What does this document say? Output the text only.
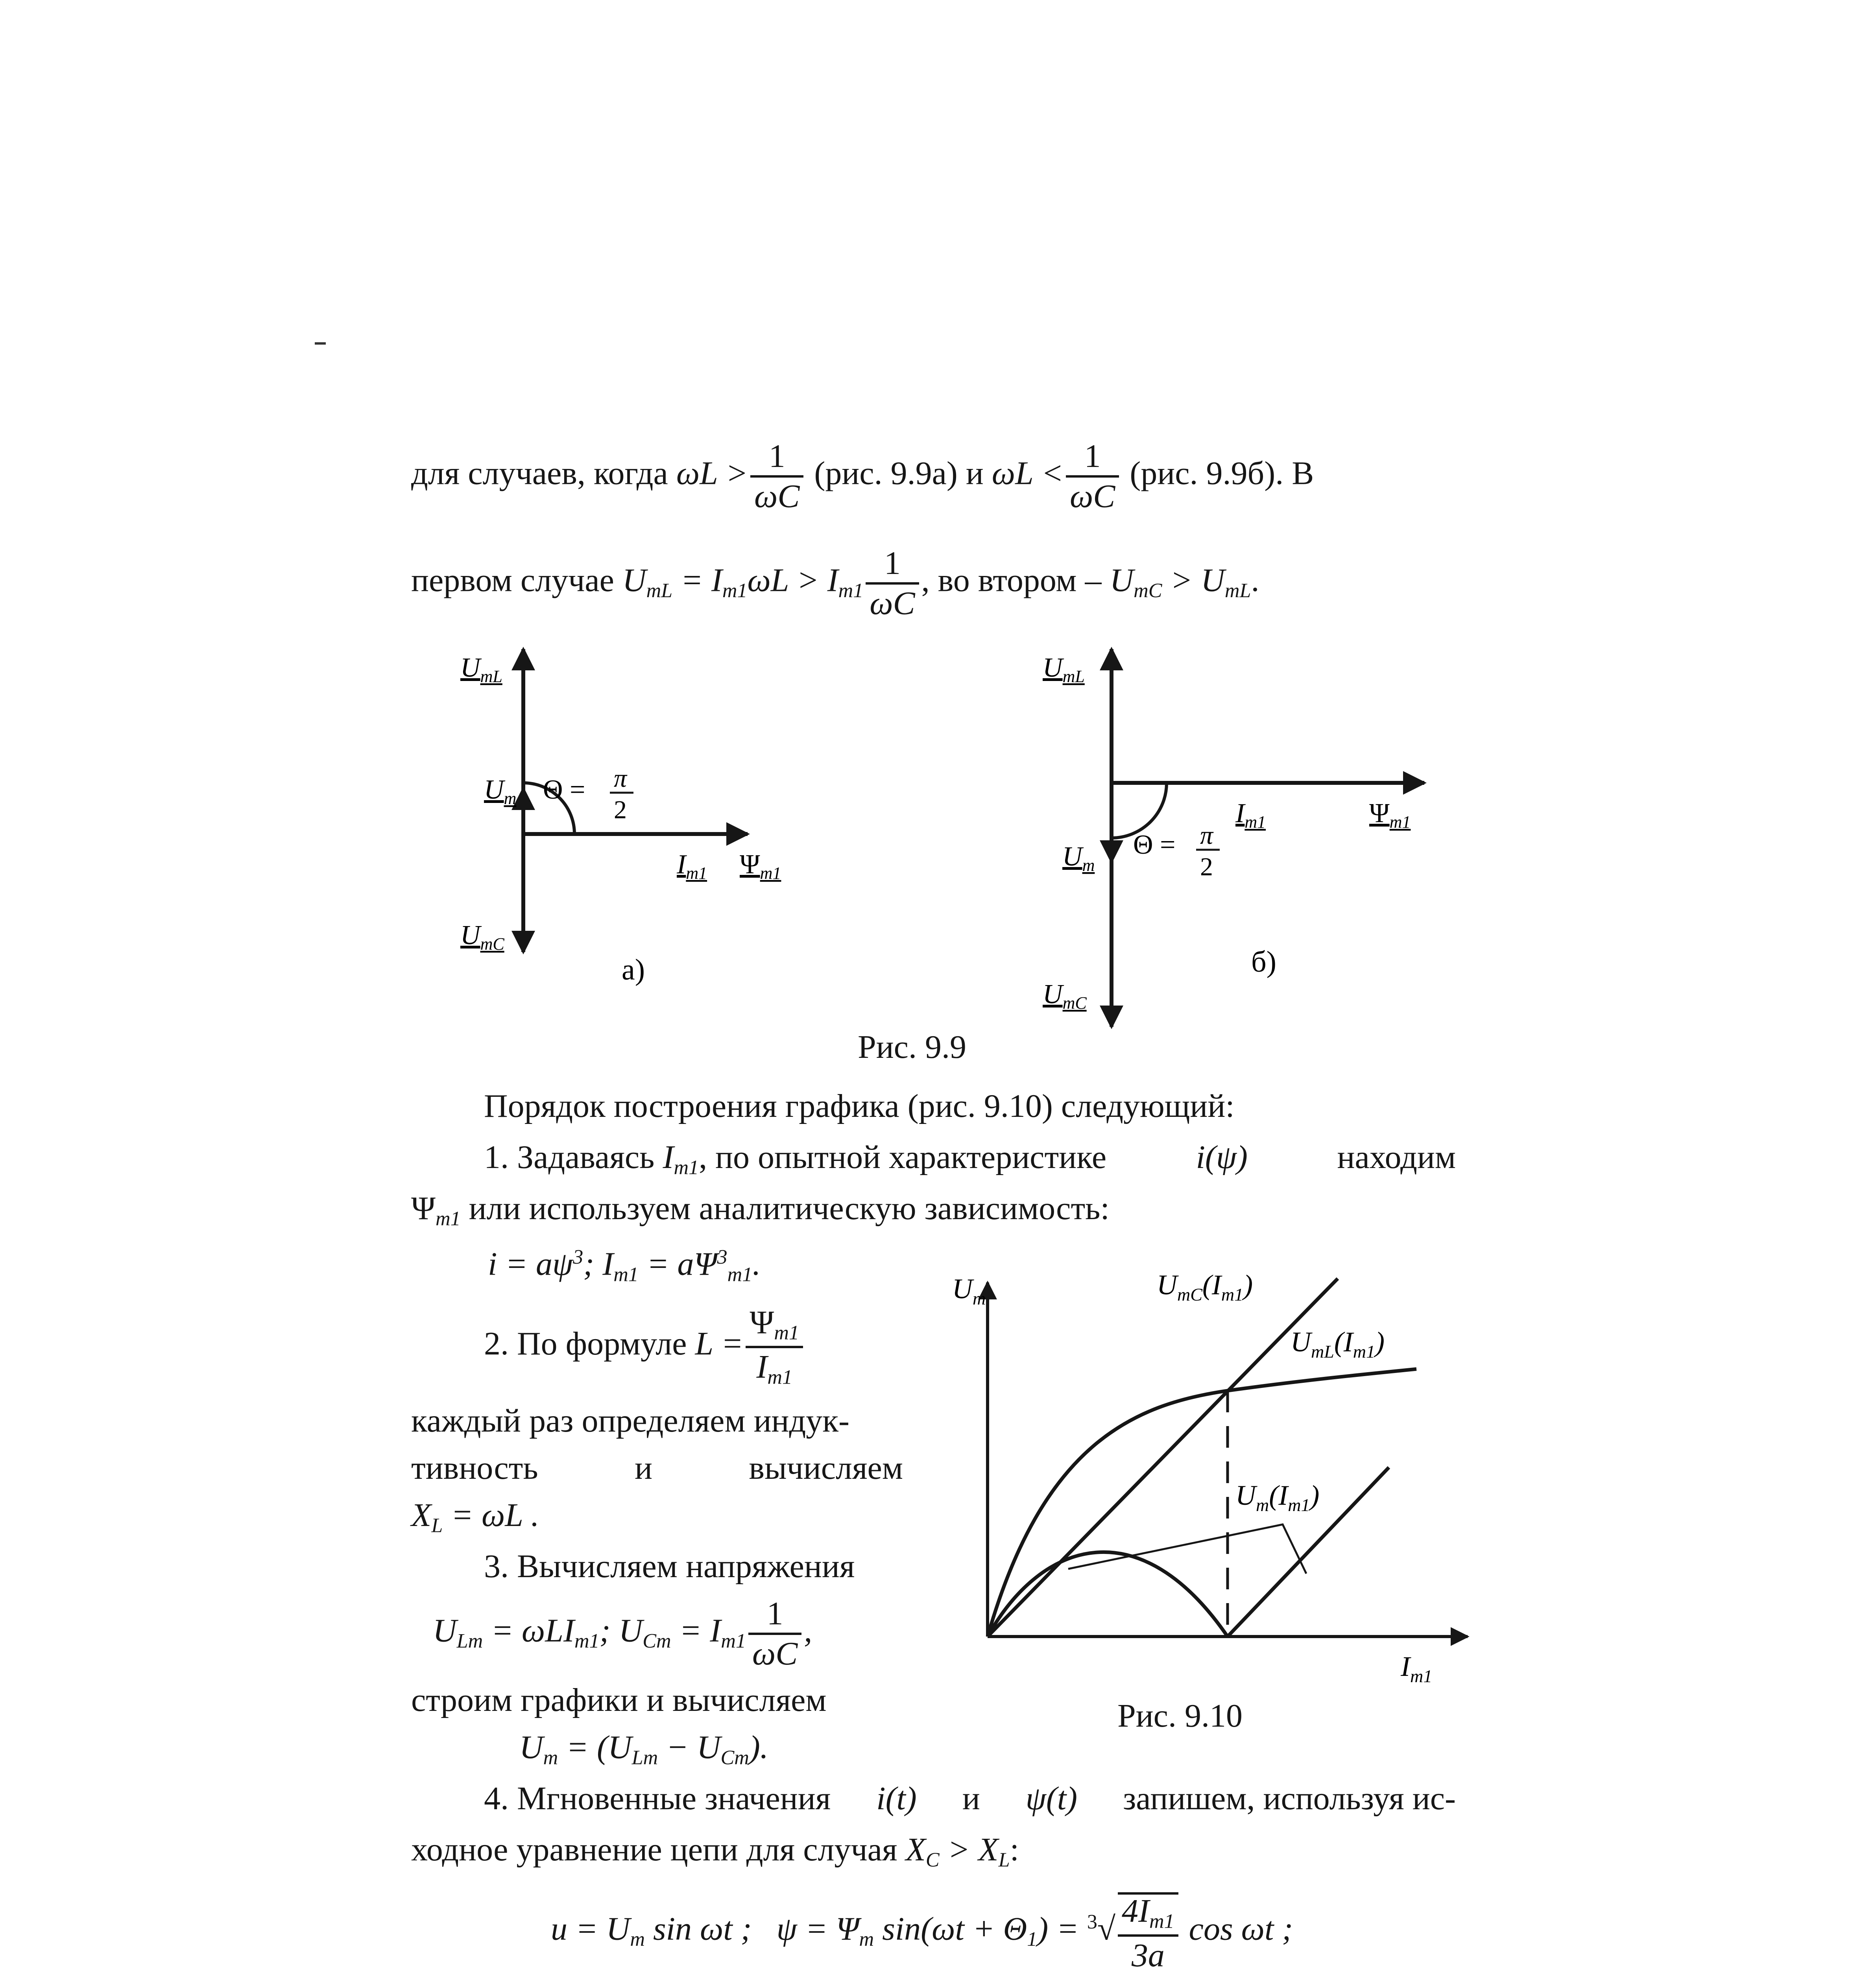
для случаев, когда $\omega L > \frac{1}{\omega C} (рис$. 9.9а) и $\omega L < \frac{1}{\omega C} (рис$. 9.9б). В
первом случае $U_{mL} = I_{m1}\omega L > I_{m1} \frac{1}{\omega C}$ , во втором – $U_{mC} > U_{mL}$.
$U_{mL}$
$U_m$
$U_{mC}$
Θ = π
2
$I_{m1}$ $\Psi_{m1}$
а)
$U_{mL}$
$U_m$
$U_{mC}$
Θ = π
2
$I_{m1}$	$\Psi_{m1}$
б)
Рис. 9.9
Порядок построения графика (рис. 9.10) следующий:
1. Задаваясь $I_{m1}$, по опытной характеристике	i(ψ)	находим
$\Psi_{m1}$ или используем аналитическую зависимость:
$i = a\psi^3$; $I_{m1} = a\Psi^3_{m1}$.
2. По формуле $L = \frac{\Psi_{m1}}{I_{m1}}$
каждый раз определяем индук-
тивность	и	вычисляем
$X_L = \omega L$ .
3. Вычисляем напряжения
$U_{Lm} = \omega LI_{m1}$; $U_{Cm} = I_{m1} \frac{1}{\omega C}$ ,
строим графики и вычисляем
$U_m = (U_{Lm} - U_{Cm})$.
4. Мгновенные значения i(t) и ψ(t) запишем, используя ис-
ходное уравнение цепи для случая $X_C > X_L$:
$u = U_m$ sin ωt ; $\psi = \Psi_m$ $\sin(\omega t + \Theta_1) = ^3√ \frac{4I_{m1}}{3a}$ cos ωt ;

$U_m$
$I_{m1}$
$U_{mC}(I_{m1})$
$U_{mL}(I_{m1})$
$U_m(I_{m1})$
Рис. 9.10
